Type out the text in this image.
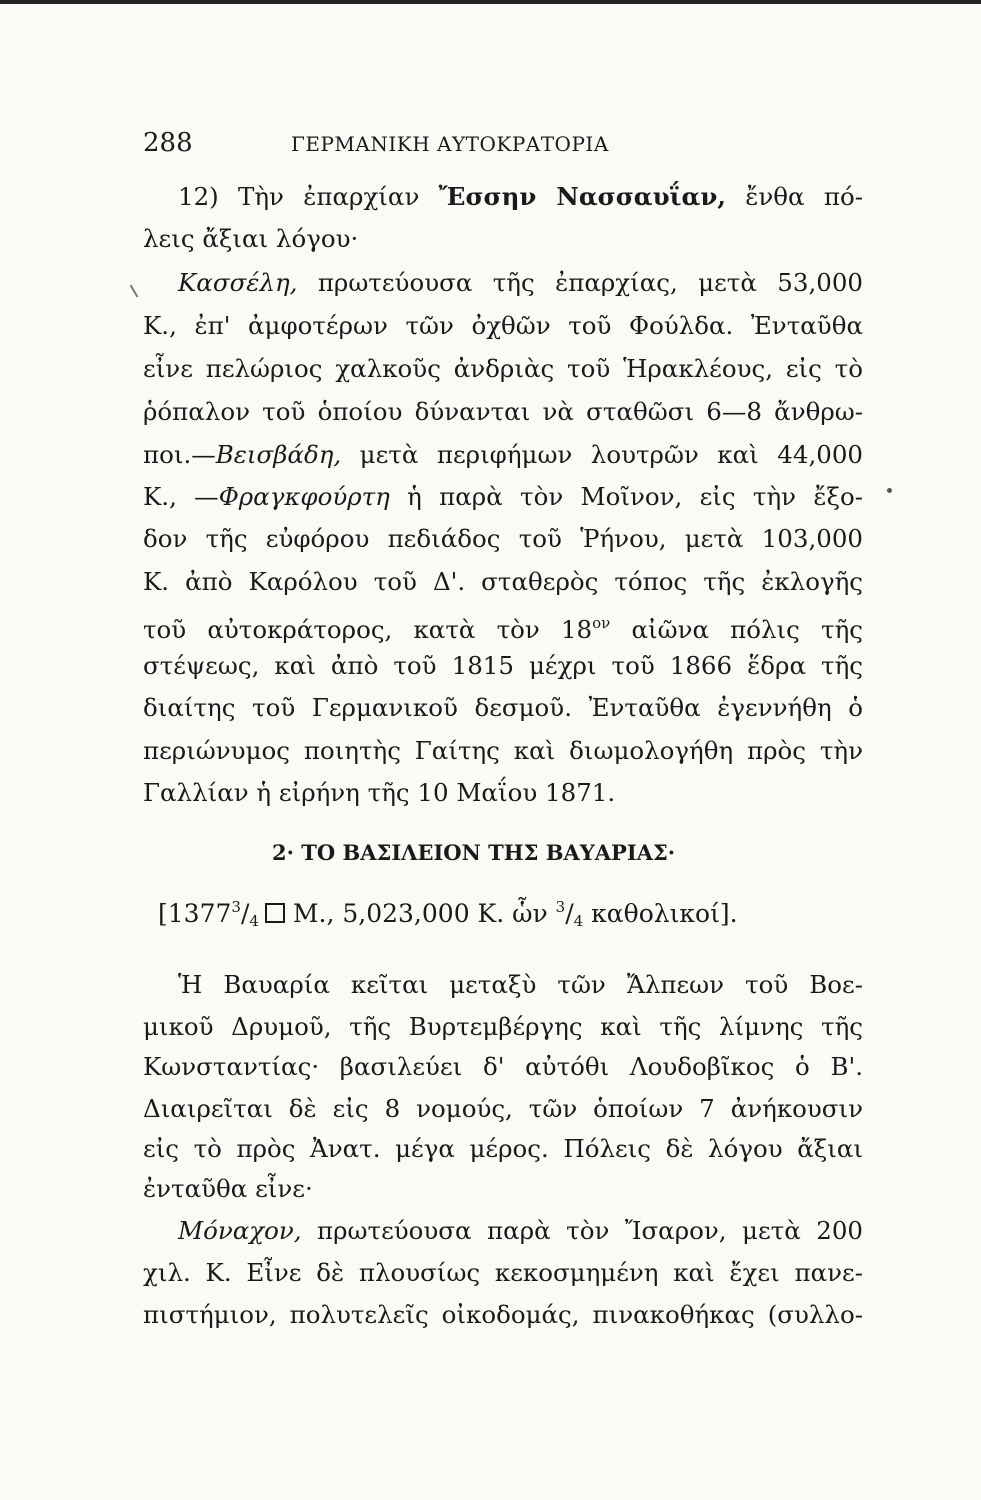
288	ΓΕΡΜΑΝΙΚΗ ΑΥΤΟΚΡΑΤΟΡΙΑ
12) Τὴν ἐπαρχίαν Ἔσσην Νασσαυΐαν, ἔνθα πό-
λεις ἄξιαι λόγου·
Κασσέλη, πρωτεύουσα τῆς ἐπαρχίας, μετὰ 53,000
Κ., ἐπ' ἀμφοτέρων τῶν ὀχθῶν τοῦ Φούλδα. Ἐνταῦθα
εἶνε πελώριος χαλκοῦς ἀνδριὰς τοῦ Ἡρακλέους, εἰς τὸ
ῥόπαλον τοῦ ὁποίου δύνανται νὰ σταθῶσι 6—8 ἄνθρω-
ποι.—Βεισβάδη, μετὰ περιφήμων λουτρῶν καὶ 44,000
Κ., —Φραγκφούρτη ἡ παρὰ τὸν Μοῖνον, εἰς τὴν ἔξο-
δον τῆς εὐφόρου πεδιάδος τοῦ Ῥήνου, μετὰ 103,000
Κ. ἀπὸ Καρόλου τοῦ Δ'. σταθερὸς τόπος τῆς ἐκλογῆς
τοῦ αὐτοκράτορος, κατὰ τὸν $18^{o\nu}$ αἰῶνα πόλις τῆς
στέψεως, καὶ ἀπὸ τοῦ 1815 μέχρι τοῦ 1866 ἕδρα τῆς
διαίτης τοῦ Γερμανικοῦ δεσμοῦ. Ἐνταῦθα ἐγεννήθη ὁ
περιώνυμος ποιητὴς Γαίτης καὶ διωμολογήθη πρὸς τὴν
Γαλλίαν ἡ εἰρήνη τῆς 10 Μαΐου 1871.
2· ΤΟ ΒΑΣΙΛΕΙΟΝ ΤΗΣ ΒΑΥΑΡΙΑΣ·
[$1377^3/_4$ Μ., 5,023,000 Κ. ὧν $^3/_4$ καθολικοί].
Ἡ Βαυαρία κεῖται μεταξὺ τῶν Ἄλπεων τοῦ Βοε-
μικοῦ Δρυμοῦ, τῆς Βυρτεμβέργης καὶ τῆς λίμνης τῆς
Κωνσταντίας· βασιλεύει δ' αὐτόθι Λουδοβῖκος ὁ Β'.
Διαιρεῖται δὲ εἰς 8 νομούς, τῶν ὁποίων 7 ἀνήκουσιν
εἰς τὸ πρὸς Ἀνατ. μέγα μέρος. Πόλεις δὲ λόγου ἄξιαι
ἐνταῦθα εἶνε·
Μόναχον, πρωτεύουσα παρὰ τὸν Ἴσαρον, μετὰ 200
χιλ. Κ. Εἶνε δὲ πλουσίως κεκοσμημένη καὶ ἔχει πανε-
πιστήμιον, πολυτελεῖς οἰκοδομάς, πινακοθήκας (συλλο-
